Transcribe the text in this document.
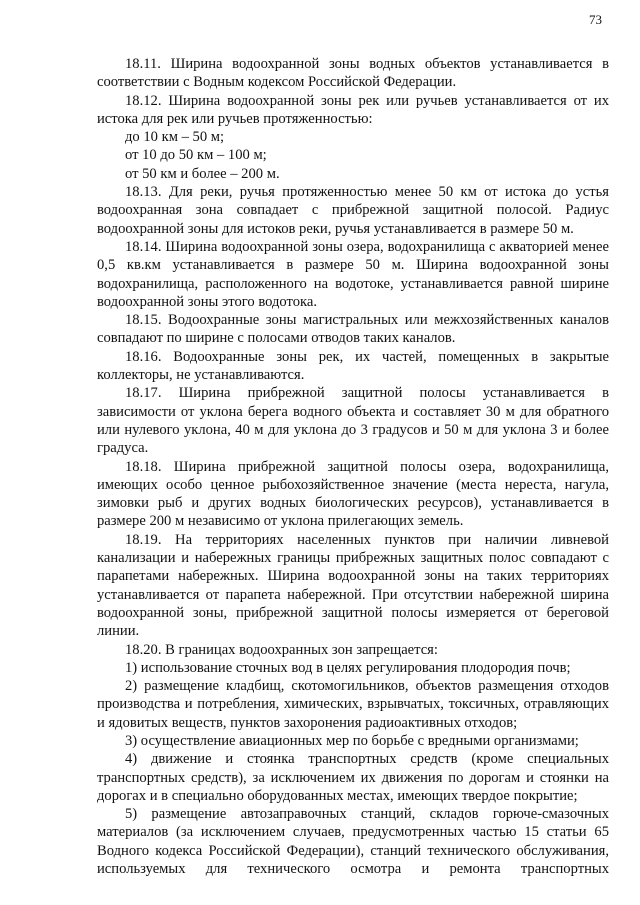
73

18.11. Ширина водоохранной зоны водных объектов устанавливается в соответствии с Водным кодексом Российской Федерации.

18.12. Ширина водоохранной зоны рек или ручьев устанавливается от их истока для рек или ручьев протяженностью:

до 10 км – 50 м;

от 10 до 50 км – 100 м;

от 50 км и более – 200 м.

18.13. Для реки, ручья протяженностью менее 50 км от истока до устья водоохранная зона совпадает с прибрежной защитной полосой. Радиус водоохранной зоны для истоков реки, ручья устанавливается в размере 50 м.

18.14. Ширина водоохранной зоны озера, водохранилища с акваторией менее 0,5 кв.км устанавливается в размере 50 м. Ширина водоохранной зоны водохранилища, расположенного на водотоке, устанавливается равной ширине водоохранной зоны этого водотока.

18.15. Водоохранные зоны магистральных или межхозяйственных каналов совпадают по ширине с полосами отводов таких каналов.

18.16. Водоохранные зоны рек, их частей, помещенных в закрытые коллекторы, не устанавливаются.

18.17. Ширина прибрежной защитной полосы устанавливается в зависимости от уклона берега водного объекта и составляет 30 м для обратного или нулевого уклона, 40 м для уклона до 3 градусов и 50 м для уклона 3 и более градуса.

18.18. Ширина прибрежной защитной полосы озера, водохранилища, имеющих особо ценное рыбохозяйственное значение (места нереста, нагула, зимовки рыб и других водных биологических ресурсов), устанавливается в размере 200 м независимо от уклона прилегающих земель.

18.19. На территориях населенных пунктов при наличии ливневой канализации и набережных границы прибрежных защитных полос совпадают с парапетами набережных. Ширина водоохранной зоны на таких территориях устанавливается от парапета набережной. При отсутствии набережной ширина водоохранной зоны, прибрежной защитной полосы измеряется от береговой линии.

18.20. В границах водоохранных зон запрещается:

1) использование сточных вод в целях регулирования плодородия почв;

2) размещение кладбищ, скотомогильников, объектов размещения отходов производства и потребления, химических, взрывчатых, токсичных, отравляющих и ядовитых веществ, пунктов захоронения радиоактивных отходов;

3) осуществление авиационных мер по борьбе с вредными организмами;

4) движение и стоянка транспортных средств (кроме специальных транспортных средств), за исключением их движения по дорогам и стоянки на дорогах и в специально оборудованных местах, имеющих твердое покрытие;

5) размещение автозаправочных станций, складов горюче-смазочных материалов (за исключением случаев, предусмотренных частью 15 статьи 65 Водного кодекса Российской Федерации), станций технического обслуживания, используемых для технического осмотра и ремонта транспортных
